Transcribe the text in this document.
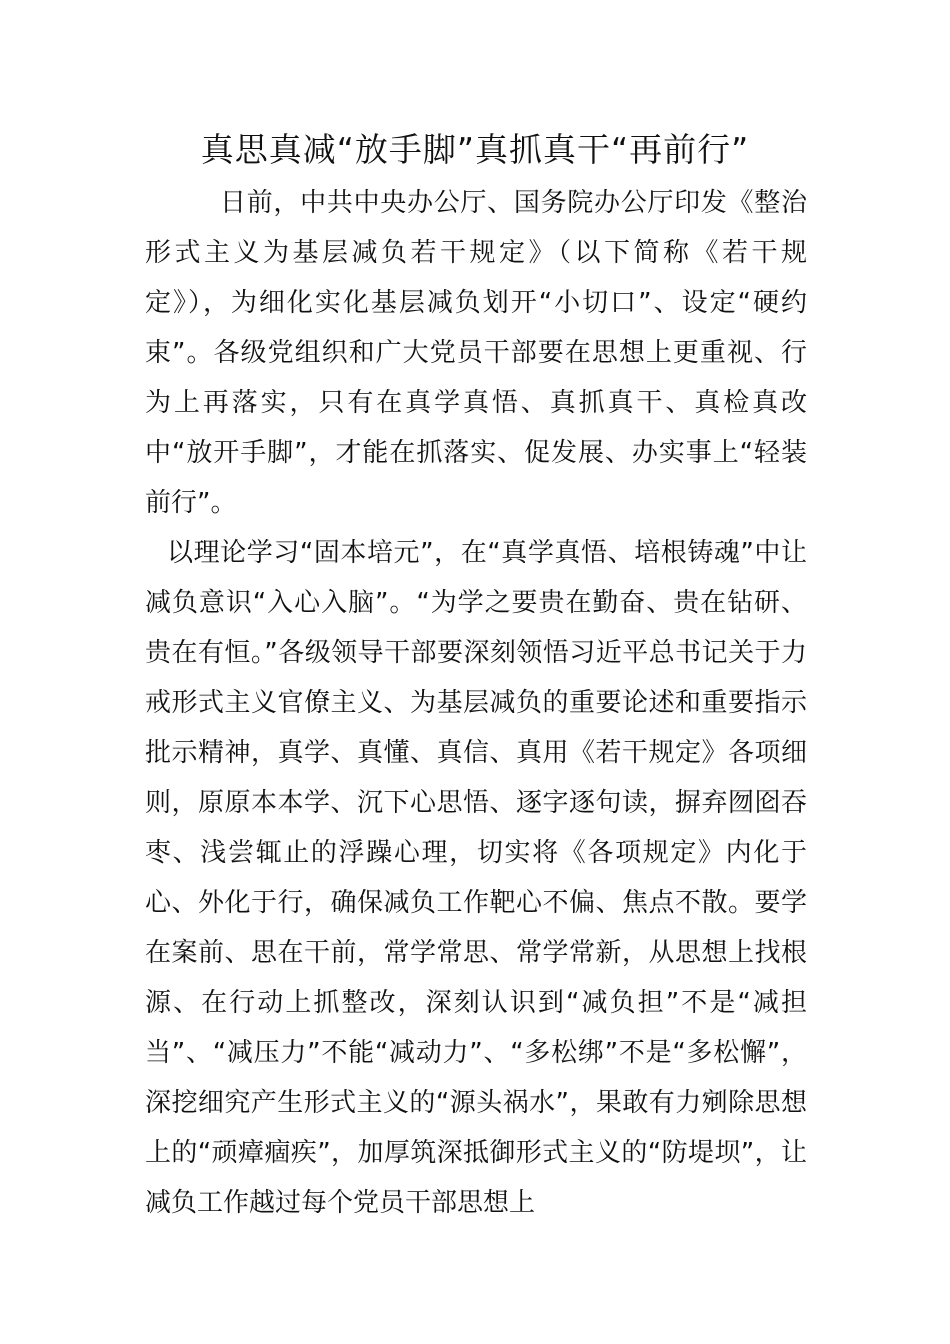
真思真减“放手脚”真抓真干“再前行”

日前，中共中央办公厅、国务院办公厅印发《整治形式主义为基层减负若干规定》（以下简称《若干规定》），为细化实化基层减负划开“小切口”、设定“硬约束”。各级党组织和广大党员干部要在思想上更重视、行为上再落实，只有在真学真悟、真抓真干、真检真改中“放开手脚”，才能在抓落实、促发展、办实事上“轻装前行”。

以理论学习“固本培元”，在“真学真悟、培根铸魂”中让减负意识“入心入脑”。“为学之要贵在勤奋、贵在钻研、贵在有恒。”各级领导干部要深刻领悟习近平总书记关于力戒形式主义官僚主义、为基层减负的重要论述和重要指示批示精神，真学、真懂、真信、真用《若干规定》各项细则，原原本本学、沉下心思悟、逐字逐句读，摒弃囫囵吞枣、浅尝辄止的浮躁心理，切实将《各项规定》内化于心、外化于行，确保减负工作靶心不偏、焦点不散。要学在案前、思在干前，常学常思、常学常新，从思想上找根源、在行动上抓整改，深刻认识到“减负担”不是“减担当”、“减压力”不能“减动力”、“多松绑”不是“多松懈”，深挖细究产生形式主义的“源头祸水”，果敢有力剜除思想上的“顽瘴痼疾”，加厚筑深抵御形式主义的“防堤坝”，让减负工作越过每个党员干部思想上
